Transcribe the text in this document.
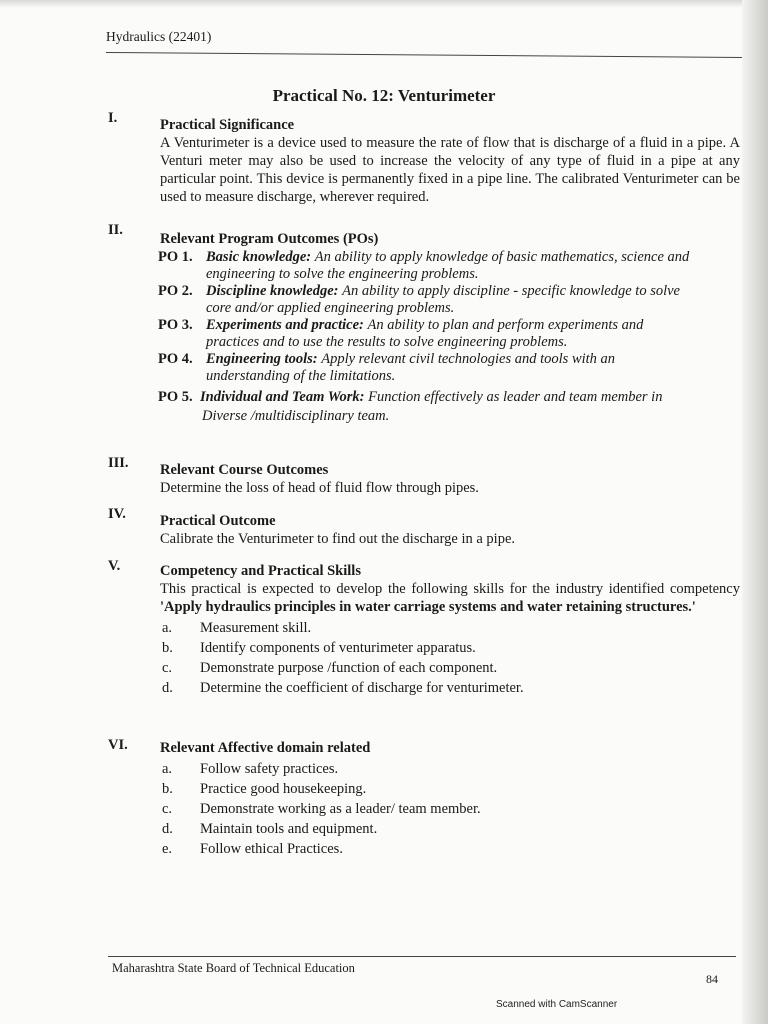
Hydraulics (22401)
Practical No. 12: Venturimeter
I.	Practical Significance
A Venturimeter is a device used to measure the rate of flow that is discharge of a fluid in a pipe. A Venturi meter may also be used to increase the velocity of any type of fluid in a pipe at any particular point. This device is permanently fixed in a pipe line. The calibrated Venturimeter can be used to measure discharge, wherever required.
II.
Relevant Program Outcomes (POs)
PO 1. Basic knowledge: An ability to apply knowledge of basic mathematics, science and
engineering to solve the engineering problems.
PO 2. Discipline knowledge: An ability to apply discipline - specific knowledge to solve
core and/or applied engineering problems.
PO 3. Experiments and practice: An ability to plan and perform experiments and
practices and to use the results to solve engineering problems.
PO 4. Engineering tools: Apply relevant civil technologies and tools with an
understanding of the limitations.
PO 5. Individual and Team Work: Function effectively as leader and team member in
Diverse /multidisciplinary team.
III. Relevant Course Outcomes
Determine the loss of head of fluid flow through pipes.
IV. Practical Outcome
Calibrate the Venturimeter to find out the discharge in a pipe.
V.	Competency and Practical Skills
This practical is expected to develop the following skills for the industry identified competency 'Apply hydraulics principles in water carriage systems and water retaining structures.'
a.	Measurement skill.
b.	Identify components of venturimeter apparatus.
c.	Demonstrate purpose /function of each component.
d.	Determine the coefficient of discharge for venturimeter.
VI. Relevant Affective domain related
a.	Follow safety practices.
b.	Practice good housekeeping.
c.	Demonstrate working as a leader/ team member.
d.	Maintain tools and equipment.
e.	Follow ethical Practices.
Maharashtra State Board of Technical Education
84
Scanned with CamScanner
